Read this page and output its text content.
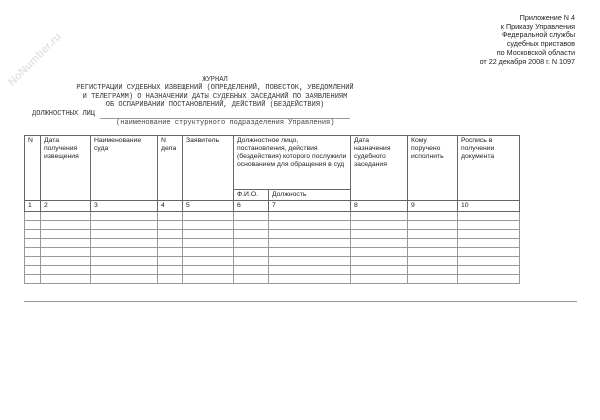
NoNumber.ru
Приложение N 4
к Приказу Управления
Федеральной службы
судебных приставов
по Московской области
от 22 декабря 2008 г. N 1097
ЖУРНАЛ
РЕГИСТРАЦИИ СУДЕБНЫХ ИЗВЕЩЕНИЙ (ОПРЕДЕЛЕНИЙ, ПОВЕСТОК, УВЕДОМЛЕНИЙ
И ТЕЛЕГРАММ) О НАЗНАЧЕНИИ ДАТЫ СУДЕБНЫХ ЗАСЕДАНИЙ ПО ЗАЯВЛЕНИЯМ
ОБ ОСПАРИВАНИИ ПОСТАНОВЛЕНИЙ, ДЕЙСТВИЙ (БЕЗДЕЙСТВИЯ)
ДОЛЖНОСТНЫХ ЛИЦ
(наименование структурного подразделения Управления)
N	Дата получения извещения	Наименование суда	N дела	Заявитель	Должностное лицо, постановления, действия (бездействия) которого послужили основанием для обращения в суд		Дата назначения судебного заседания	Кому поручено исполнить	Роспись в получении документа
					Ф.И.О.	Должность			
1	2	3	4	5	6	7	8	9	10
